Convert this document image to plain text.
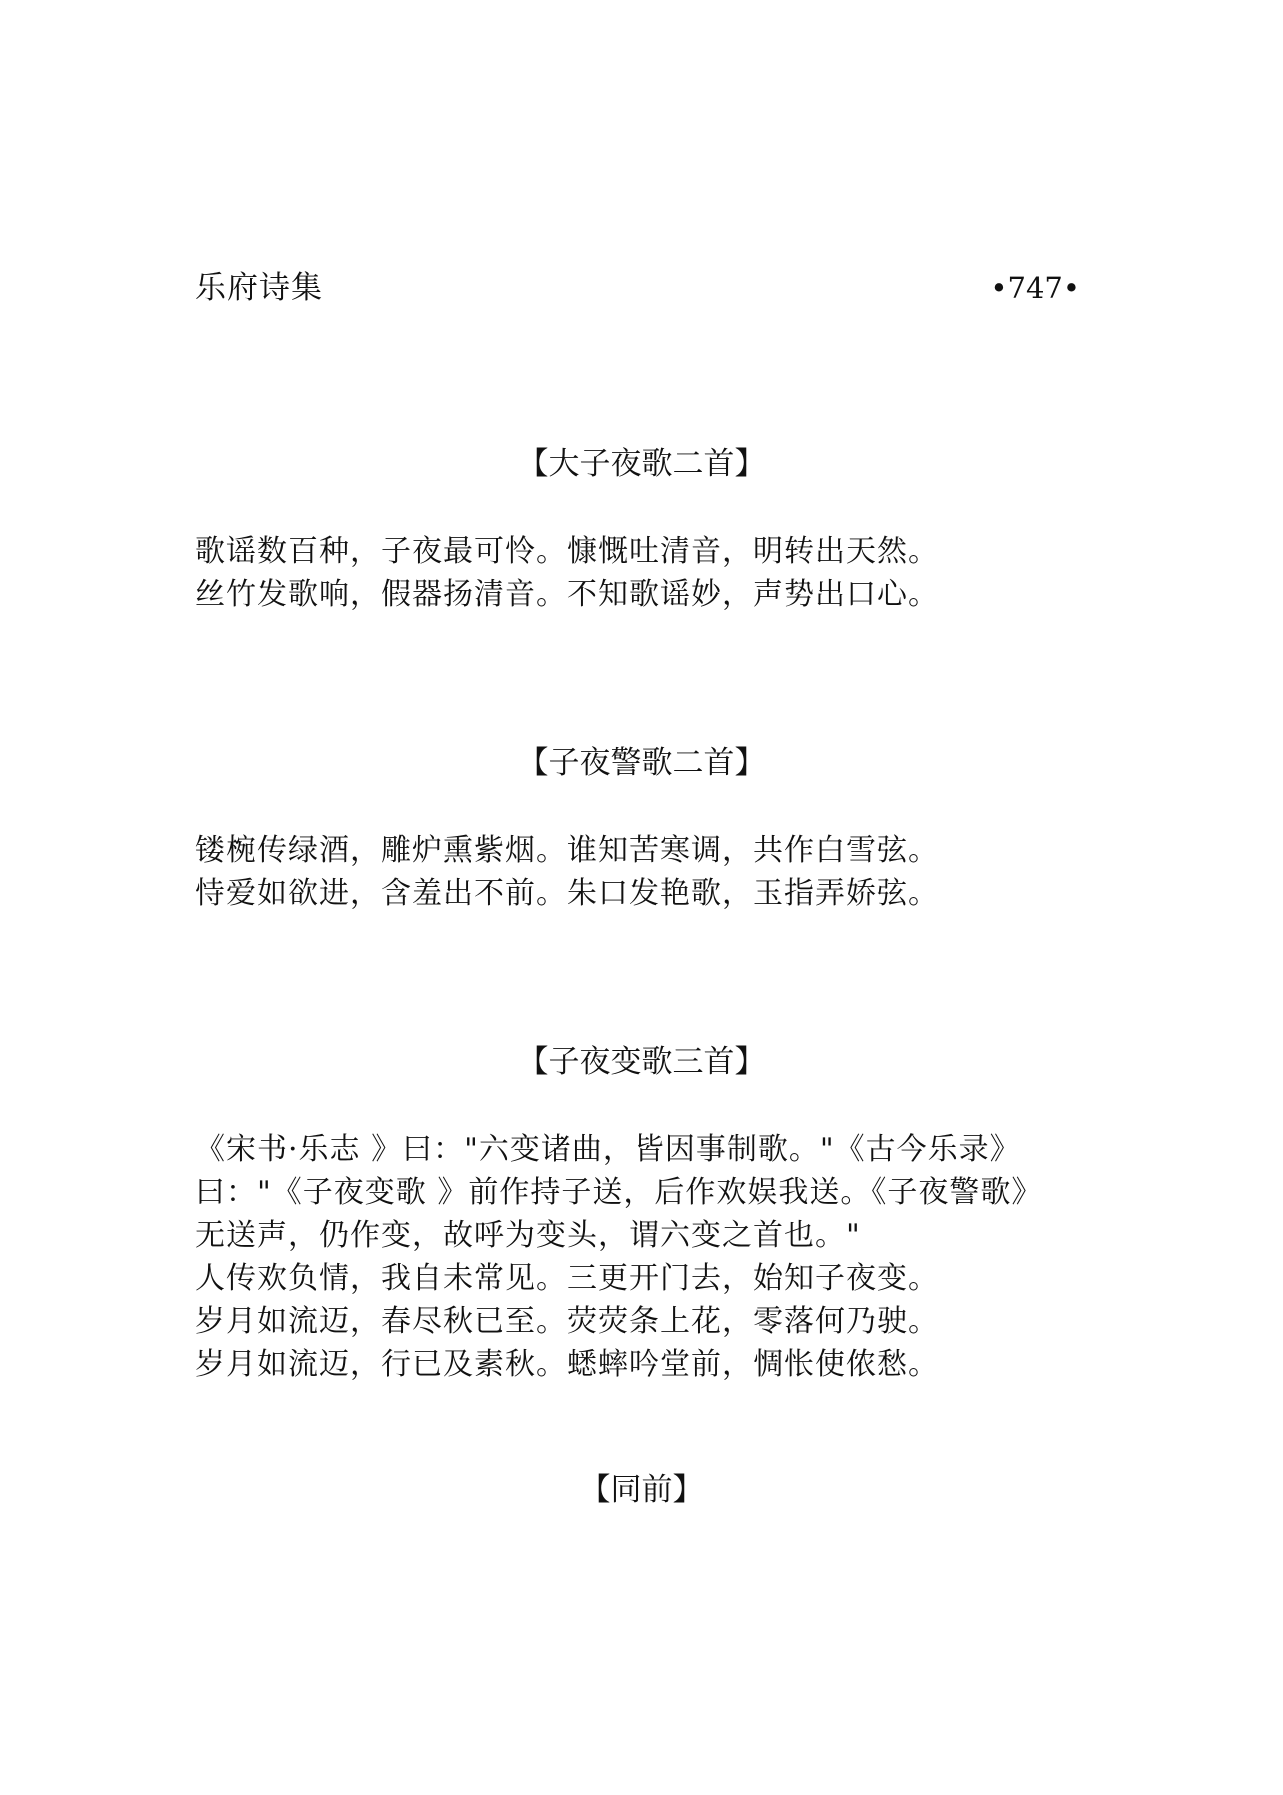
乐府诗集	•747•
【大子夜歌二首】
歌谣数百种，子夜最可怜。慷慨吐清音，明转出天然。
丝竹发歌响，假器扬清音。不知歌谣妙，声势出口心。
【子夜警歌二首】
镂椀传绿酒，雕炉熏紫烟。谁知苦寒调，共作白雪弦。
恃爱如欲进，含羞出不前。朱口发艳歌，玉指弄娇弦。
【子夜变歌三首】
《宋书·乐志 》曰："六变诸曲，皆因事制歌。"《古今乐录》
曰："《子夜变歌 》前作持子送，后作欢娱我送。《子夜警歌》
无送声，仍作变，故呼为变头，谓六变之首也。"
人传欢负情，我自未常见。三更开门去，始知子夜变。
岁月如流迈，春尽秋已至。荧荧条上花，零落何乃驶。
岁月如流迈，行已及素秋。蟋蟀吟堂前，惆怅使侬愁。
【同前】
